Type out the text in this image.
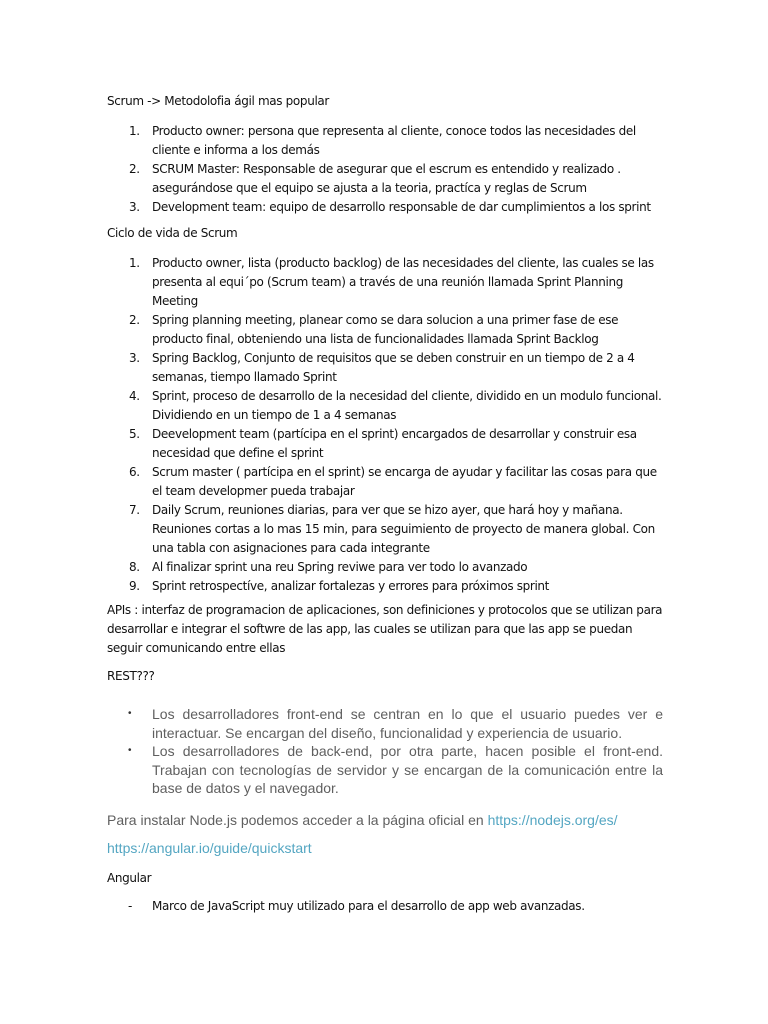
Scrum -> Metodolofia ágil mas popular

1. Producto owner: persona que representa al cliente, conoce todos las necesidades del cliente e informa a los demás
2. SCRUM Master: Responsable de asegurar que el escrum es entendido y realizado . asegurándose que el equipo se ajusta a la teoria, practíca y reglas de Scrum
3. Development team: equipo de desarrollo responsable de dar cumplimientos a los sprint

Ciclo de vida de Scrum

1. Producto owner, lista (producto backlog) de las necesidades del cliente, las cuales se las presenta al equi´po (Scrum team) a través de una reunión llamada Sprint Planning Meeting
2. Spring planning meeting, planear como se dara solucion a una primer fase de ese producto final, obteniendo una lista de funcionalidades llamada Sprint Backlog
3. Spring Backlog, Conjunto de requisitos que se deben construir en un tiempo de 2 a 4 semanas, tiempo llamado Sprint
4. Sprint, proceso de desarrollo de la necesidad del cliente, dividido en un modulo funcional. Dividiendo en un tiempo de 1 a 4 semanas
5. Deevelopment team (partícipa en el sprint) encargados de desarrollar y construir esa necesidad que define el sprint
6. Scrum master ( partícipa en el sprint) se encarga de ayudar y facilitar las cosas para que el team developmer pueda trabajar
7. Daily Scrum, reuniones diarias, para ver que se hizo ayer, que hará hoy y mañana. Reuniones cortas a lo mas 15 min, para seguimiento de proyecto de manera global. Con una tabla con asignaciones para cada integrante
8. Al finalizar sprint una reu Spring reviwe para ver todo lo avanzado
9. Sprint retrospectíve, analizar fortalezas y errores para próximos sprint

APIs : interfaz de programacion de aplicaciones, son definiciones y protocolos que se utilizan para desarrollar e integrar el softwre de las app, las cuales se utilizan para que las app se puedan seguir comunicando entre ellas

REST???

• Los desarrolladores front-end se centran en lo que el usuario puedes ver e interactuar. Se encargan del diseño, funcionalidad y experiencia de usuario.
• Los desarrolladores de back-end, por otra parte, hacen posible el front-end. Trabajan con tecnologías de servidor y se encargan de la comunicación entre la base de datos y el navegador.

Para instalar Node.js podemos acceder a la página oficial en https://nodejs.org/es/

https://angular.io/guide/quickstart

Angular

- Marco de JavaScript muy utilizado para el desarrollo de app web avanzadas.
